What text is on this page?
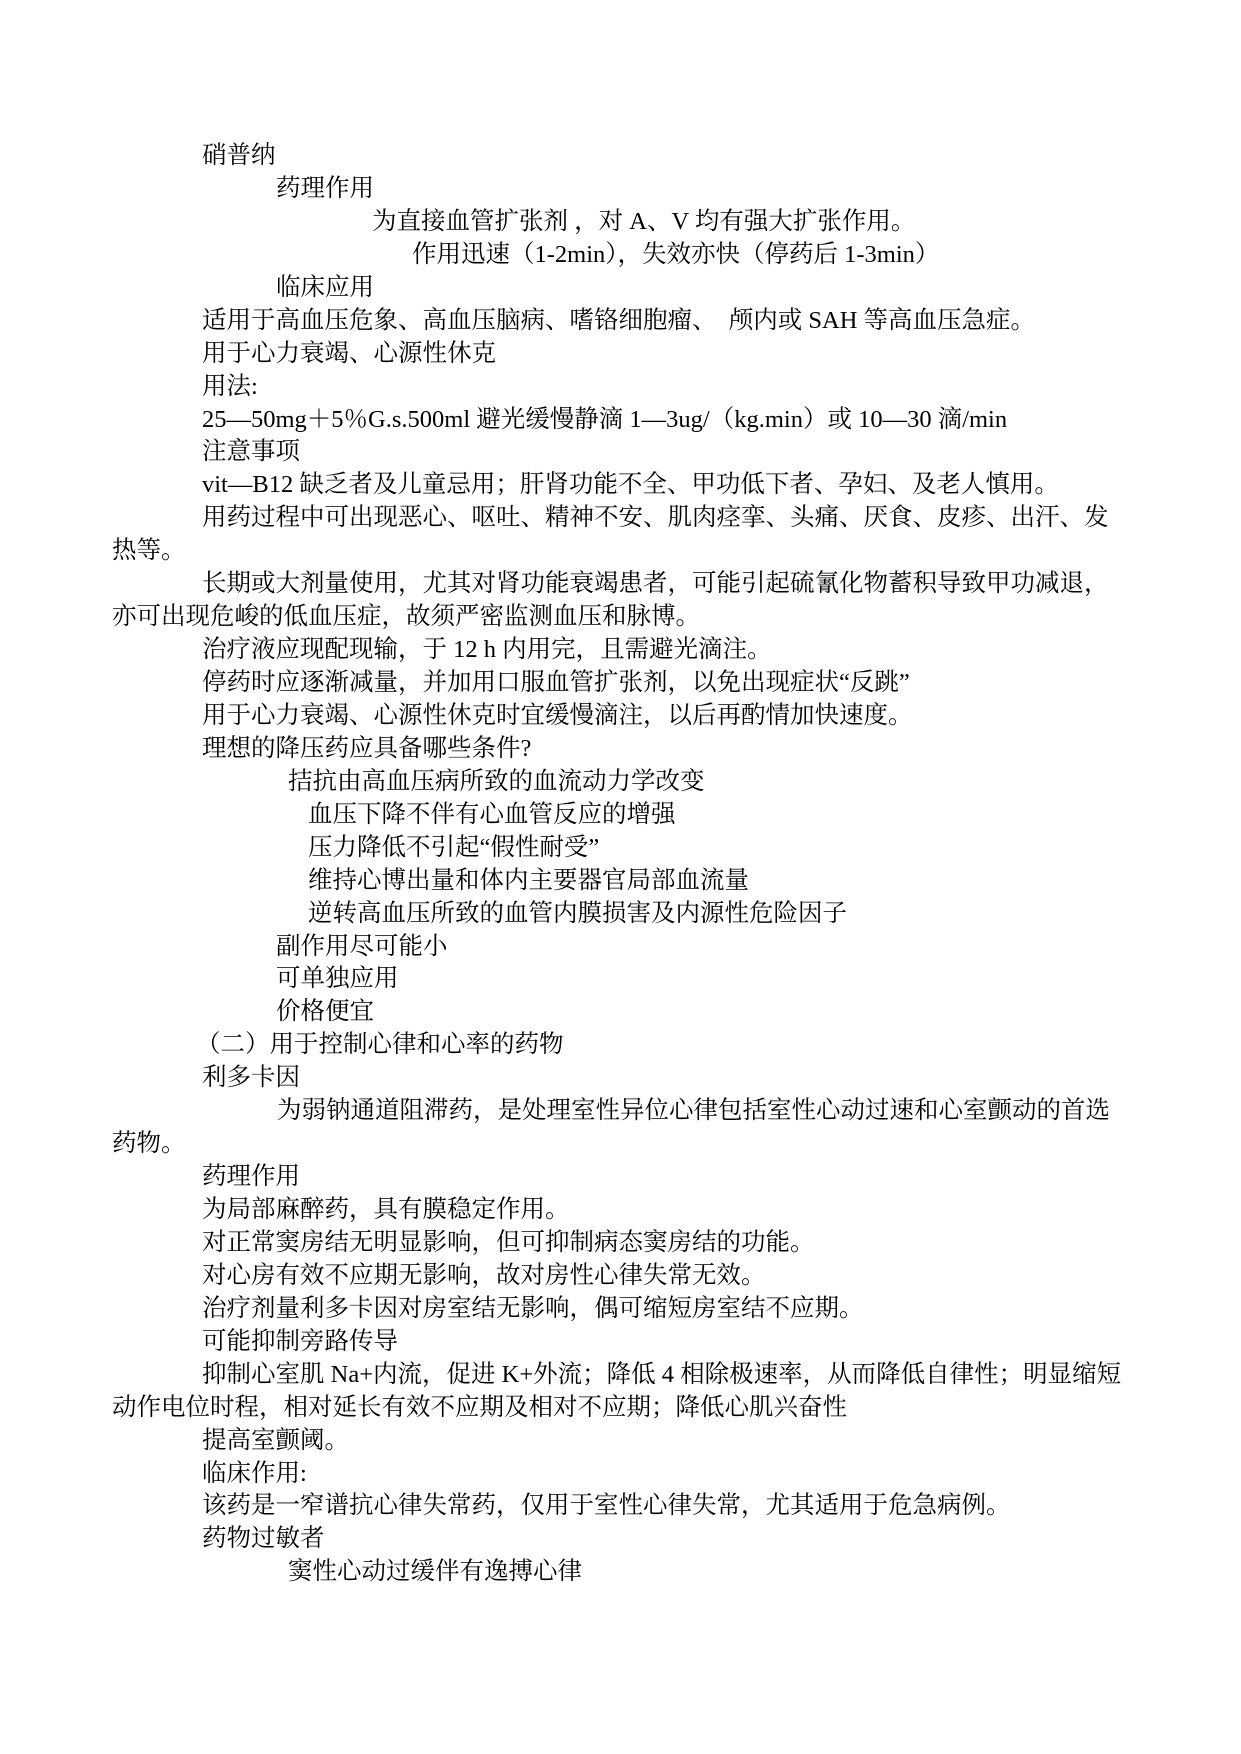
硝普纳
药理作用
为直接血管扩张剂 ，对 A、V 均有强大扩张作用。
作用迅速（1-2min），失效亦快（停药后 1-3min）
临床应用
适用于高血压危象、高血压脑病、嗜铬细胞瘤、  颅内或 SAH 等高血压急症。
用于心力衰竭、心源性休克
用法:
25—50mg＋5％G.s.500ml 避光缓慢静滴 1—3ug/（kg.min）或 10—30 滴/min
注意事项
vit—B12 缺乏者及儿童忌用；肝肾功能不全、甲功低下者、孕妇、及老人慎用。
用药过程中可出现恶心、呕吐、精神不安、肌肉痉挛、头痛、厌食、皮疹、出汗、发热等。
长期或大剂量使用，尤其对肾功能衰竭患者，可能引起硫氰化物蓄积导致甲功减退，亦可出现危峻的低血压症，故须严密监测血压和脉博。
治疗液应现配现输，于 12 h 内用完，且需避光滴注。
停药时应逐渐减量，并加用口服血管扩张剂，以免出现症状“反跳”
用于心力衰竭、心源性休克时宜缓慢滴注，以后再酌情加快速度。
理想的降压药应具备哪些条件?
拮抗由高血压病所致的血流动力学改变
血压下降不伴有心血管反应的增强
压力降低不引起“假性耐受”
维持心博出量和体内主要器官局部血流量
逆转高血压所致的血管内膜损害及内源性危险因子
副作用尽可能小
可单独应用
价格便宜
（二）用于控制心律和心率的药物
利多卡因
为弱钠通道阻滞药，是处理室性异位心律包括室性心动过速和心室颤动的首选药物。
药理作用
为局部麻醉药，具有膜稳定作用。
对正常窦房结无明显影响，但可抑制病态窦房结的功能。
对心房有效不应期无影响，故对房性心律失常无效。
治疗剂量利多卡因对房室结无影响，偶可缩短房室结不应期。
可能抑制旁路传导
抑制心室肌 Na+内流，促进 K+外流；降低 4 相除极速率，从而降低自律性；明显缩短动作电位时程，相对延长有效不应期及相对不应期；降低心肌兴奋性
提高室颤阈。
临床作用:
该药是一窄谱抗心律失常药，仅用于室性心律失常，尤其适用于危急病例。
药物过敏者
窦性心动过缓伴有逸搏心律
